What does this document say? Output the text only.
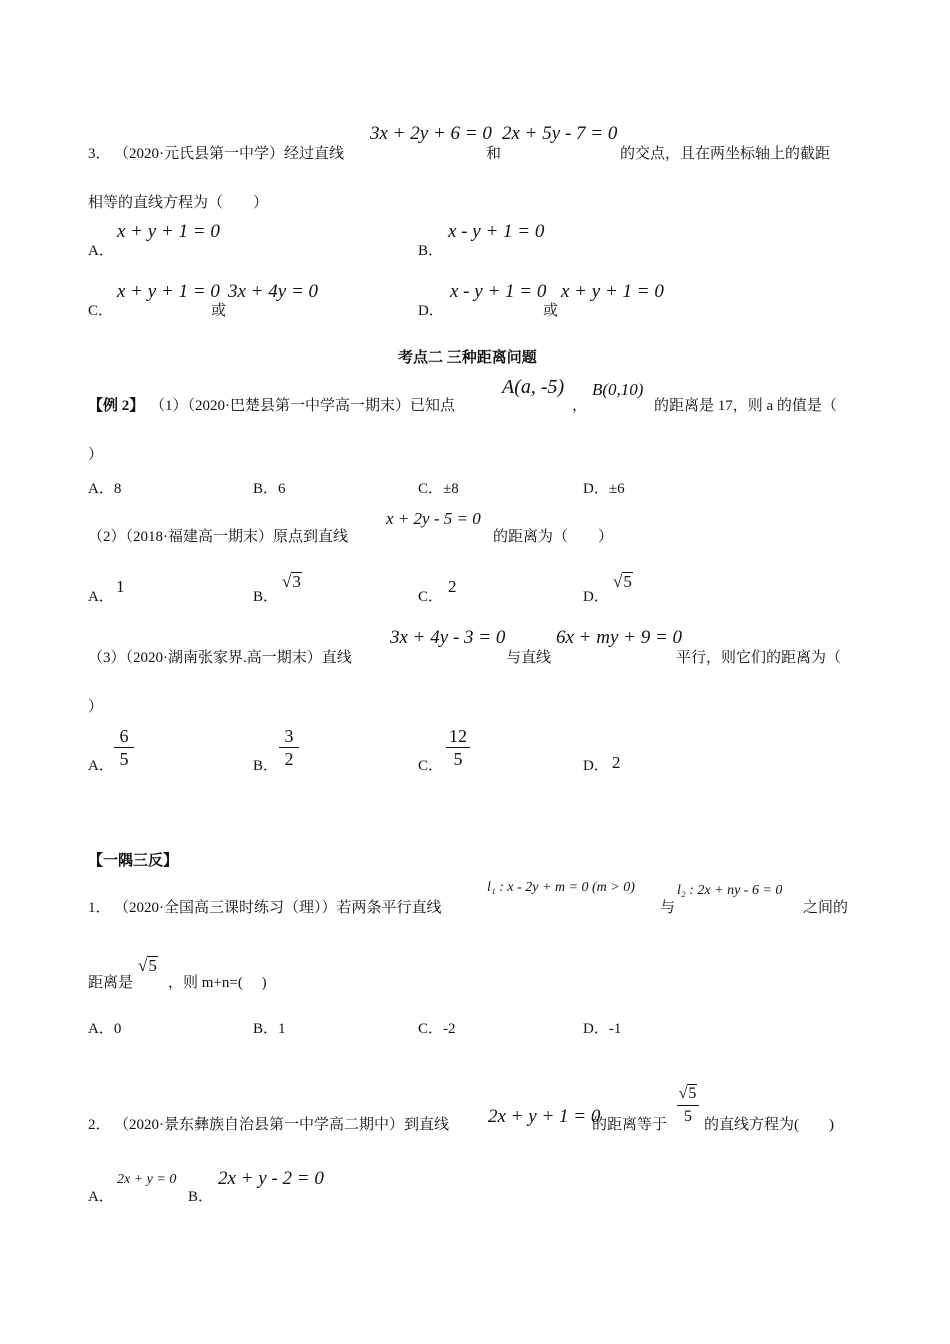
3． （2020·元氏县第一中学）经过直线
3x + 2y + 6 = 0
和
2x + 5y - 7 = 0
的交点，且在两坐标轴上的截距
相等的直线方程为（　　）
A．
x + y + 1 = 0
B．
x - y + 1 = 0
C．
x + y + 1 = 0
或
3x + 4y = 0
D．
x - y + 1 = 0
或
x + y + 1 = 0
考点二 三种距离问题
【例 2】 （1）（2020·巴楚县第一中学高一期末）已知点
A(a, -5)
，
B(0,10)
的距离是 17，则 a 的值是（
）
A．8	B．6	C．±8	D．±6
（2）（2018·福建高一期末）原点到直线
x + 2y - 5 = 0
的距离为（　　）
A．
1
B．
√3
C．
2
D．
√5
（3）（2020·湖南张家界.高一期末）直线
3x + 4y - 3 = 0
与直线
6x + my + 9 = 0
平行，则它们的距离为（
）
A．
6
5	B．
3
2	C．
12
5	D． 2
【一隅三反】
1． （2020·全国高三课时练习（理））若两条平行直线
l₁ : x - 2y + m = 0 (m > 0)
与
l₂ : 2x + ny - 6 = 0
之间的
距离是
√5
，则 m+n=(　 )
A．0	B．1	C．-2	D．-1
2． （2020·景东彝族自治县第一中学高二期中）到直线 2x + y + 1 = 0
的距离等于
√5
5 的直线方程为(　　)
A．
2x + y = 0
B．
2x + y - 2 = 0
